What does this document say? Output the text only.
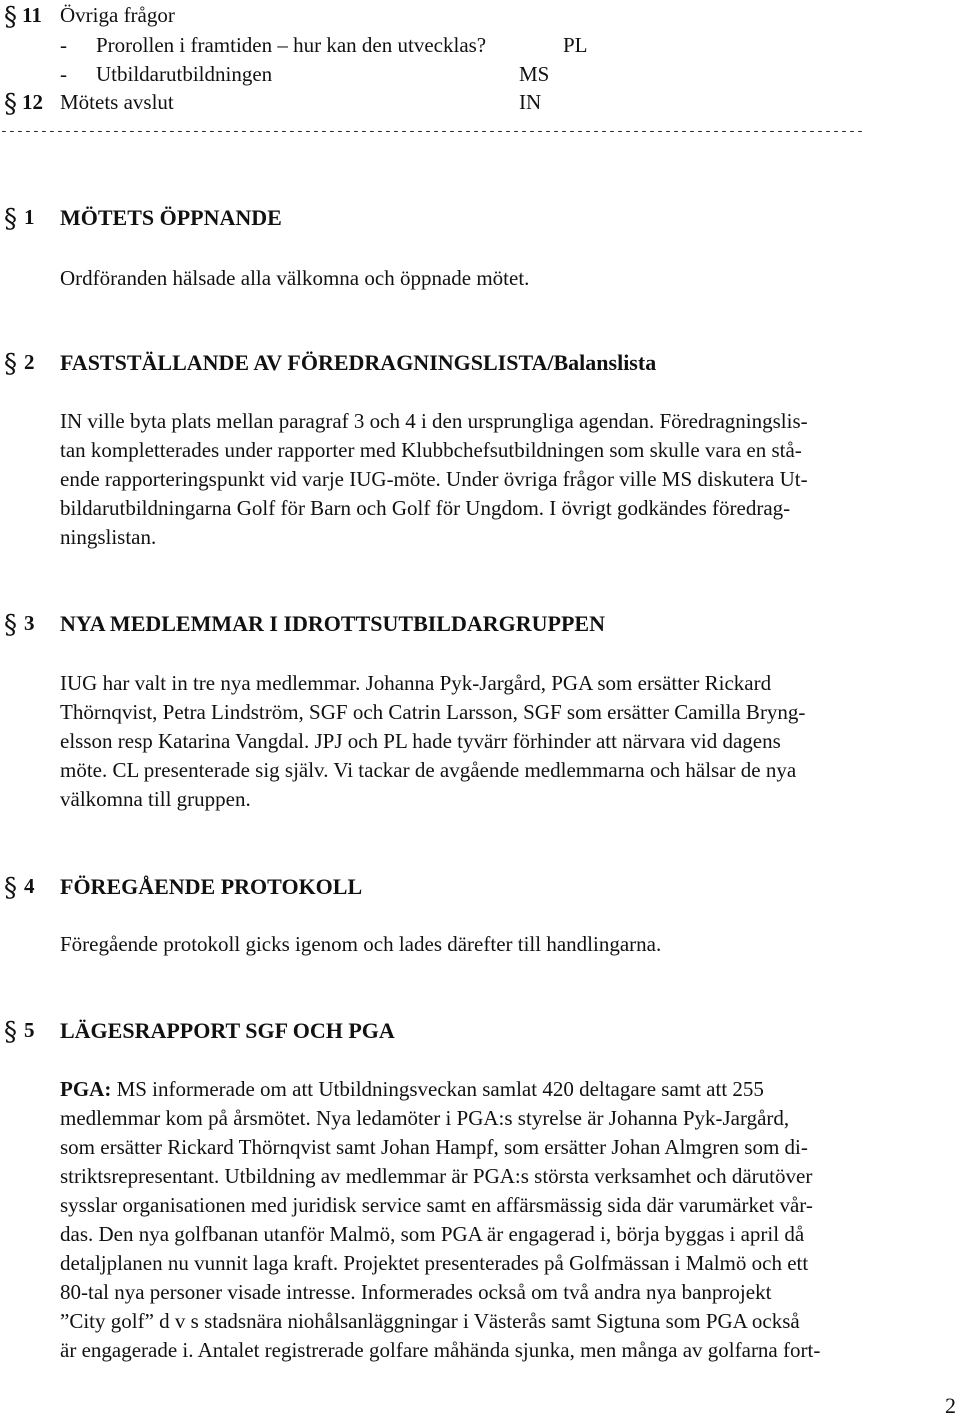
§ 11 Övriga frågor
- Prorollen i framtiden – hur kan den utvecklas?	PL
- Utbildarutbildningen	MS
§ 12 Mötets avslut	IN
------------------------------------------------------------------------------------------------------------
§ 1 MÖTETS ÖPPNANDE
Ordföranden hälsade alla välkomna och öppnade mötet.
§ 2 FASTSTÄLLANDE AV FÖREDRAGNINGSLISTA/Balanslista
IN ville byta plats mellan paragraf 3 och 4 i den ursprungliga agendan. Föredragningslis-
tan kompletterades under rapporter med Klubbchefsutbildningen som skulle vara en stå-
ende rapporteringspunkt vid varje IUG-möte. Under övriga frågor ville MS diskutera Ut-
bildarutbildningarna Golf för Barn och Golf för Ungdom. I övrigt godkändes föredrag-
ningslistan.
§ 3 NYA MEDLEMMAR I IDROTTSUTBILDARGRUPPEN
IUG har valt in tre nya medlemmar. Johanna Pyk-Jargård, PGA som ersätter Rickard
Thörnqvist, Petra Lindström, SGF och Catrin Larsson, SGF som ersätter Camilla Bryng-
elsson resp Katarina Vangdal. JPJ och PL hade tyvärr förhinder att närvara vid dagens
möte. CL presenterade sig själv. Vi tackar de avgående medlemmarna och hälsar de nya
välkomna till gruppen.
§ 4 FÖREGÅENDE PROTOKOLL
Föregående protokoll gicks igenom och lades därefter till handlingarna.
§ 5 LÄGESRAPPORT SGF OCH PGA
PGA: MS informerade om att Utbildningsveckan samlat 420 deltagare samt att 255
medlemmar kom på årsmötet. Nya ledamöter i PGA:s styrelse är Johanna Pyk-Jargård,
som ersätter Rickard Thörnqvist samt Johan Hampf, som ersätter Johan Almgren som di-
striktsrepresentant. Utbildning av medlemmar är PGA:s största verksamhet och därutöver
sysslar organisationen med juridisk service samt en affärsmässig sida där varumärket vår-
das. Den nya golfbanan utanför Malmö, som PGA är engagerad i, börja byggas i april då
detaljplanen nu vunnit laga kraft. Projektet presenterades på Golfmässan i Malmö och ett
80-tal nya personer visade intresse. Informerades också om två andra nya banprojekt
”City golf” d v s stadsnära niohålsanläggningar i Västerås samt Sigtuna som PGA också
är engagerade i. Antalet registrerade golfare måhända sjunka, men många av golfarna fort-
2
